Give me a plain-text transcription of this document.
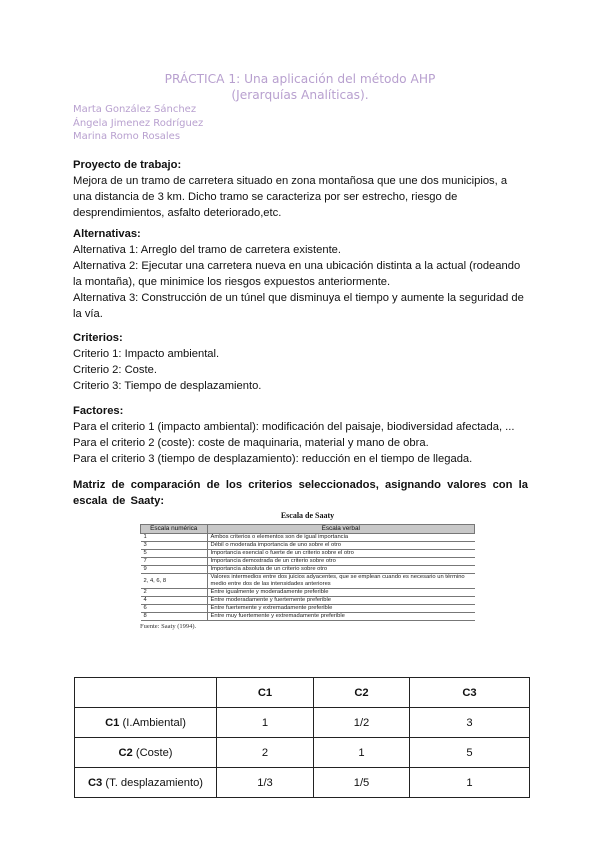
PRÁCTICA 1: Una aplicación del método AHP
(Jerarquías Analíticas).
Marta González Sánchez
Ángela Jimenez Rodríguez
Marina Romo Rosales
Proyecto de trabajo:
Mejora de un tramo de carretera situado en zona montañosa que une dos municipios, a una distancia de 3 km. Dicho tramo se caracteriza por ser estrecho, riesgo de desprendimientos, asfalto deteriorado,etc.
Alternativas:
Alternativa 1: Arreglo del tramo de carretera existente.
Alternativa 2: Ejecutar una carretera nueva en una ubicación distinta a la actual (rodeando la montaña), que minimice los riesgos expuestos anteriormente.
Alternativa 3: Construcción de un túnel que disminuya el tiempo y aumente la seguridad de la vía.
Criterios:
Criterio 1: Impacto ambiental.
Criterio 2: Coste.
Criterio 3: Tiempo de desplazamiento.
Factores:
Para el criterio 1 (impacto ambiental): modificación del paisaje, biodiversidad afectada, ...
Para el criterio 2 (coste): coste de maquinaria, material y mano de obra.
Para el criterio 3 (tiempo de desplazamiento): reducción en el tiempo de llegada.
Matriz de comparación de los criterios seleccionados, asignando valores con la escala de Saaty:
Escala de Saaty
Escala numérica	Escala verbal
1	Ambos criterios o elementos son de igual importancia
3	Débil o moderada importancia de uno sobre el otro
5	Importancia esencial o fuerte de un criterio sobre el otro
7	Importancia demostrada de un criterio sobre otro
9	Importancia absoluta de un criterio sobre otro
2, 4, 6, 8	Valores intermedios entre dos juicios adyacentes, que se emplean cuando es necesario un término medio entre dos de las intensidades anteriores
2	Entre igualmente y moderadamente preferible
4	Entre moderadamente y fuertemente preferible
6	Entre fuertemente y extremadamente preferible
8	Entre muy fuertemente y extremadamente preferible
Fuente: Saaty (1994).
	C1	C2	C3
C1 (I.Ambiental)	1	1/2	3
C2 (Coste)	2	1	5
C3 (T. desplazamiento)	1/3	1/5	1
